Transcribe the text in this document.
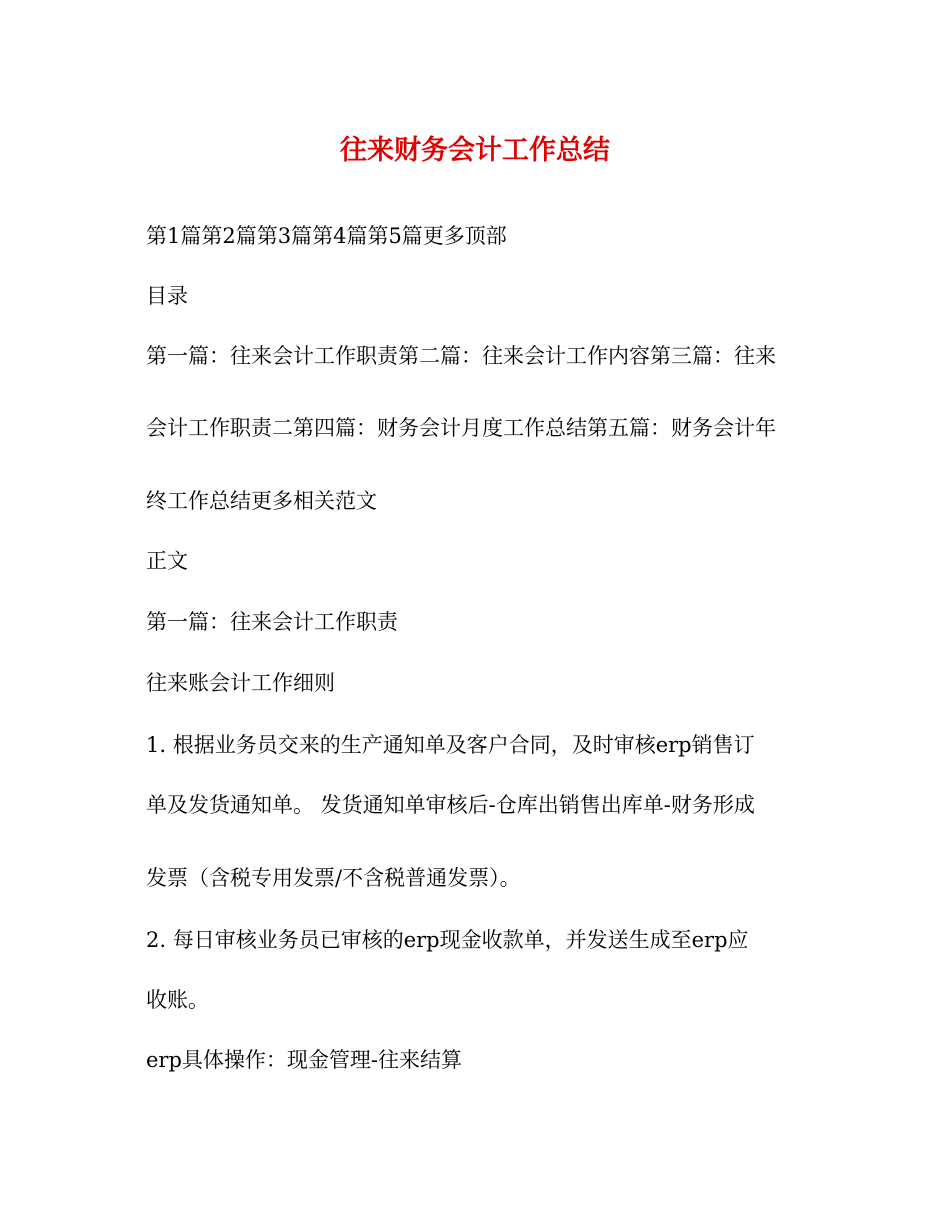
往来财务会计工作总结
第1篇第2篇第3篇第4篇第5篇更多顶部
目录
第一篇：往来会计工作职责第二篇：往来会计工作内容第三篇：往来
会计工作职责二第四篇：财务会计月度工作总结第五篇：财务会计年
终工作总结更多相关范文
正文
第一篇：往来会计工作职责
往来账会计工作细则
1. 根据业务员交来的生产通知单及客户合同，及时审核erp销售订
单及发货通知单。 发货通知单审核后-仓库出销售出库单-财务形成
发票（含税专用发票/不含税普通发票）。
2. 每日审核业务员已审核的erp现金收款单，并发送生成至erp应
收账。
erp具体操作：现金管理-往来结算
